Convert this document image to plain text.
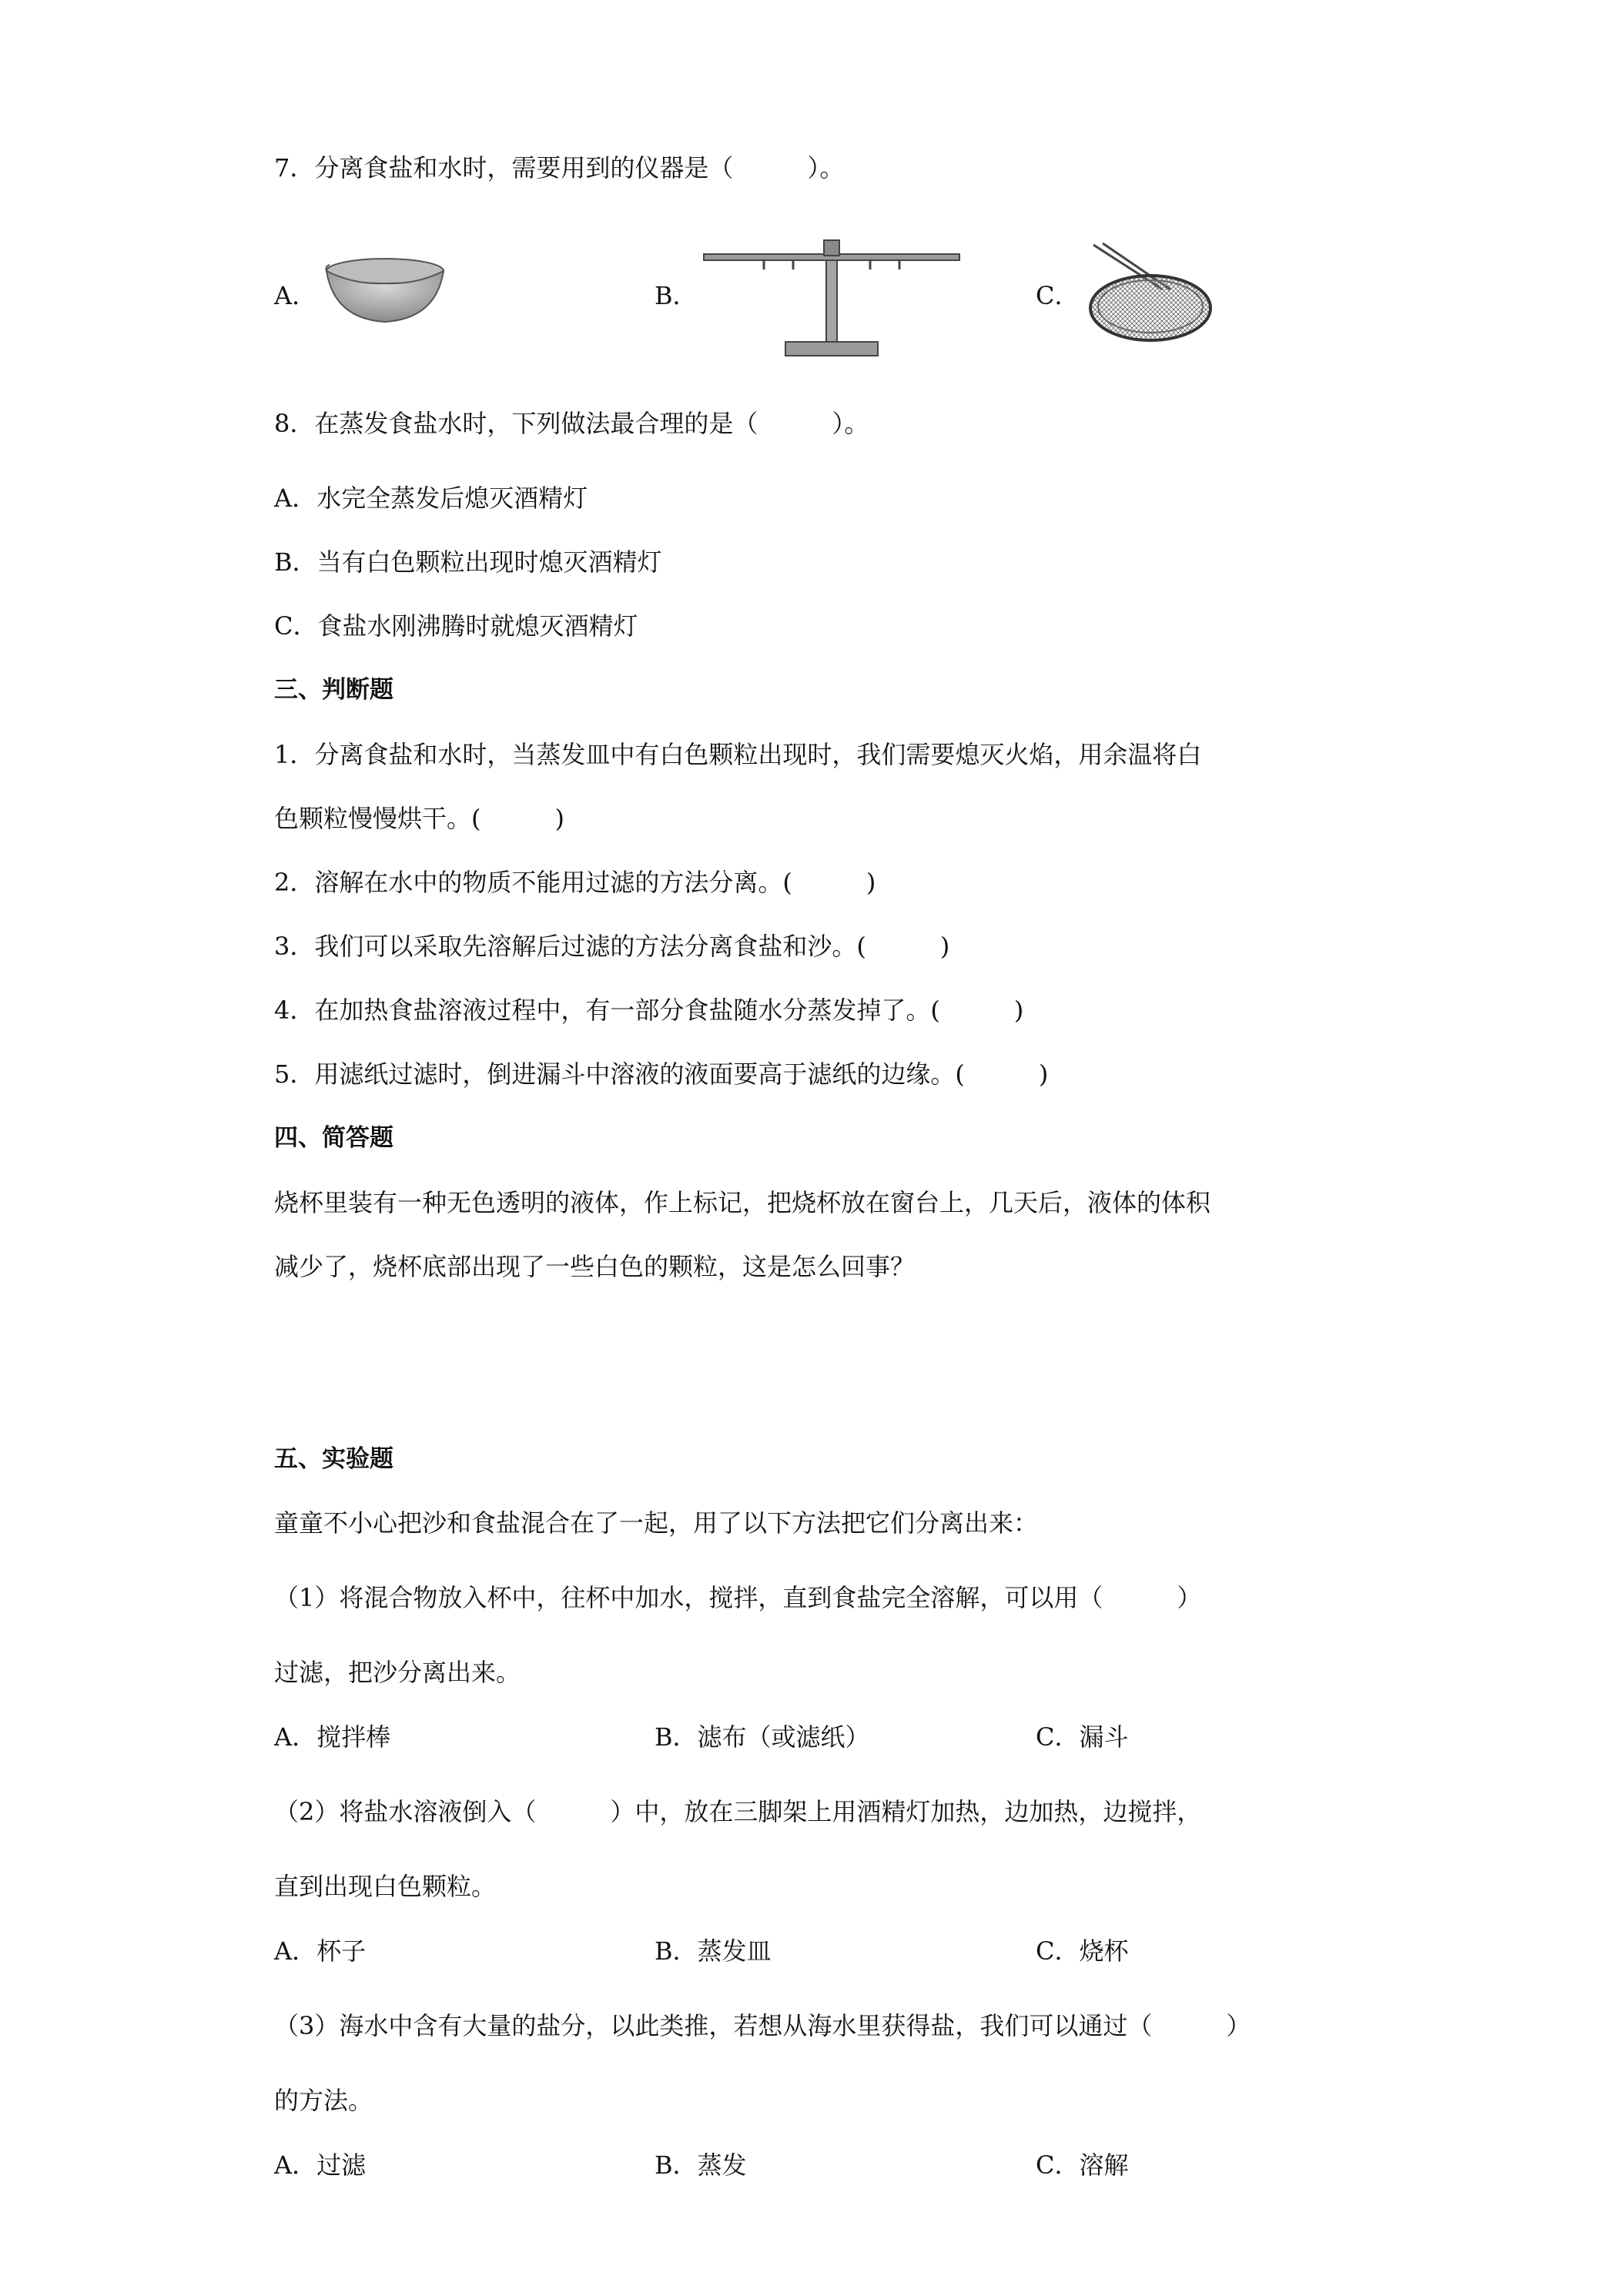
7．分离食盐和水时，需要用到的仪器是（　　　）。
A．	B．	C．
8．在蒸发食盐水时，下列做法最合理的是（　　　）。
A．水完全蒸发后熄灭酒精灯
B．当有白色颗粒出现时熄灭酒精灯
C．食盐水刚沸腾时就熄灭酒精灯
三、判断题
1．分离食盐和水时，当蒸发皿中有白色颗粒出现时，我们需要熄灭火焰，用余温将白
色颗粒慢慢烘干。(　　　)
2．溶解在水中的物质不能用过滤的方法分离。(　　　)
3．我们可以采取先溶解后过滤的方法分离食盐和沙。(　　　)
4．在加热食盐溶液过程中，有一部分食盐随水分蒸发掉了。(　　　)
5．用滤纸过滤时，倒进漏斗中溶液的液面要高于滤纸的边缘。(　　　)
四、简答题
烧杯里装有一种无色透明的液体，作上标记，把烧杯放在窗台上，几天后，液体的体积
减少了，烧杯底部出现了一些白色的颗粒，这是怎么回事？
五、实验题
童童不小心把沙和食盐混合在了一起，用了以下方法把它们分离出来：
（1）将混合物放入杯中，往杯中加水，搅拌，直到食盐完全溶解，可以用（　　　）
过滤，把沙分离出来。
A．搅拌棒	B．滤布（或滤纸）	C．漏斗
（2）将盐水溶液倒入（　　　）中，放在三脚架上用酒精灯加热，边加热，边搅拌，
直到出现白色颗粒。
A．杯子	B．蒸发皿	C．烧杯
（3）海水中含有大量的盐分，以此类推，若想从海水里获得盐，我们可以通过（　　　）
的方法。
A．过滤	B．蒸发	C．溶解
